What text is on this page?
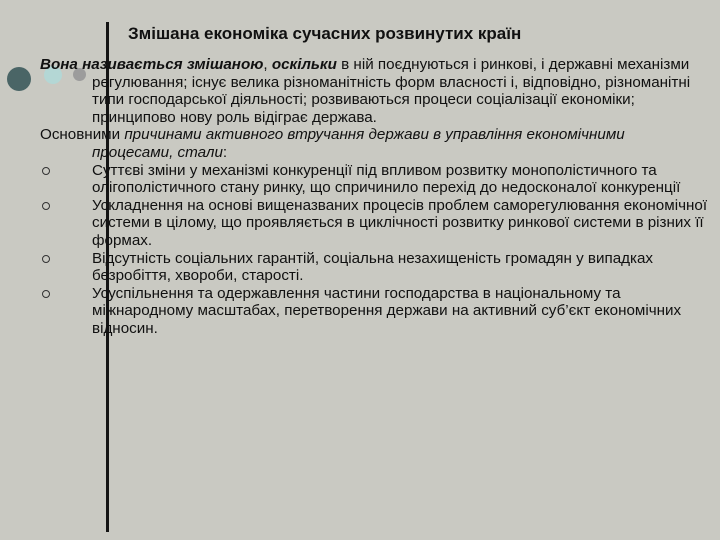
Змішана економіка сучасних розвинутих країн

Вона називається змішаною, оскільки в ній поєднуються і ринкові, і державні механізми регулювання; існує велика різноманітність форм власності і, відповідно, різноманітні типи господарської діяльності; розвиваються процеси соціалізації економіки; принципово нову роль відіграє держава.

Основними причинами активного втручання держави в управління економічними процесами, стали:

Суттєві зміни у механізмі конкуренції під впливом розвитку монополістичного та олігополістичного стану ринку, що спричинило перехід до недосконалої конкуренції

Ускладнення на основі вищеназваних процесів проблем саморегулювання економічної системи в цілому, що проявляється в циклічності розвитку ринкової системи в різних її формах.

Відсутність соціальних гарантій, соціальна незахищеність громадян у випадках безробіття, хвороби, старості.

Усуспільнення та одержавлення частини господарства в національному та міжнародному масштабах, перетворення держави на активний суб’єкт економічних відносин.
